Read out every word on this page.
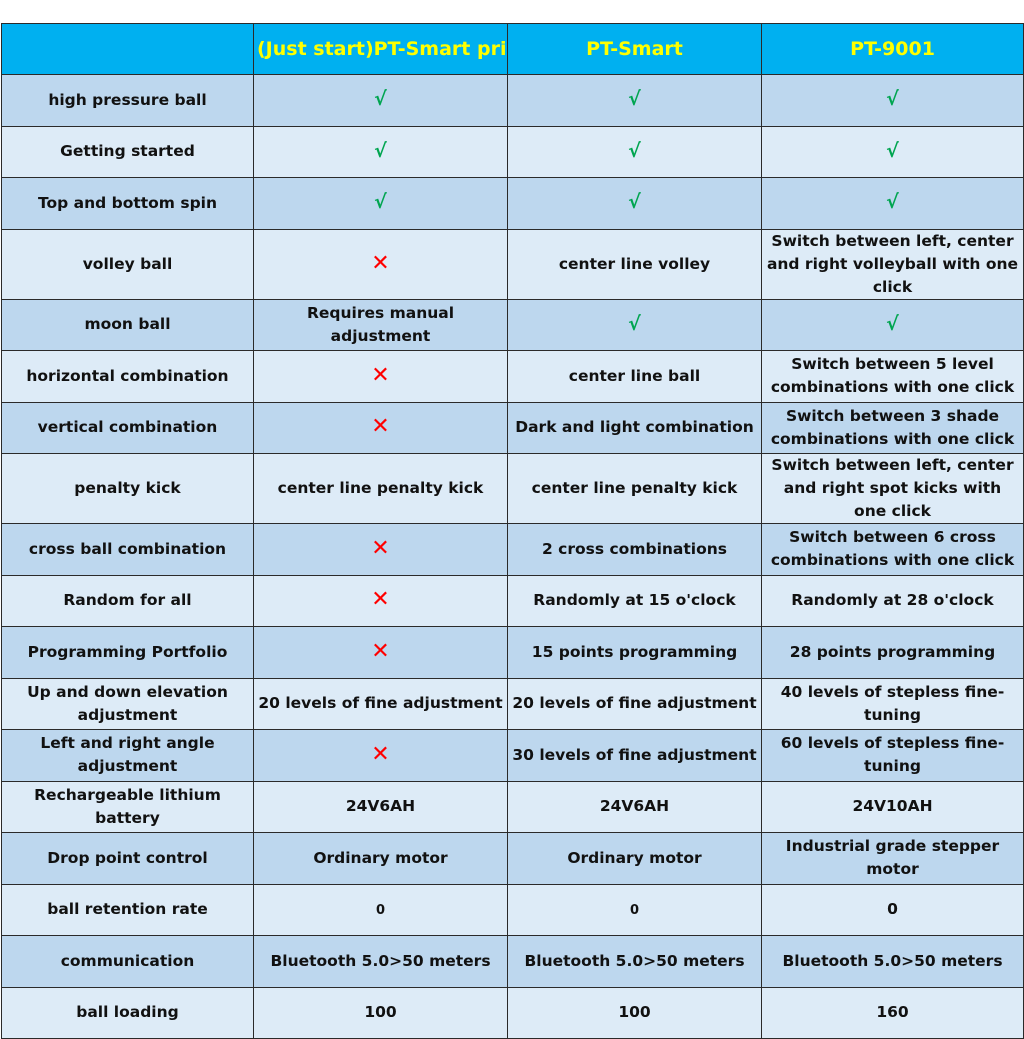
	(Just start)PT-Smart pri	PT-Smart	PT-9001
high pressure ball	√	√	√
Getting started	√	√	√
Top and bottom spin	√	√	√
volley ball	✕	center line volley	Switch between left, center and right volleyball with one click
moon ball	Requires manual adjustment	√	√
horizontal combination	✕	center line ball	Switch between 5 level combinations with one click
vertical combination	✕	Dark and light combination	Switch between 3 shade combinations with one click
penalty kick	center line penalty kick	center line penalty kick	Switch between left, center and right spot kicks with one click
cross ball combination	✕	2 cross combinations	Switch between 6 cross combinations with one click
Random for all	✕	Randomly at 15 o'clock	Randomly at 28 o'clock
Programming Portfolio	✕	15 points programming	28 points programming
Up and down elevation adjustment	20 levels of fine adjustment	20 levels of fine adjustment	40 levels of stepless fine-tuning
Left and right angle adjustment	✕	30 levels of fine adjustment	60 levels of stepless fine-tuning
Rechargeable lithium battery	24V6AH	24V6AH	24V10AH
Drop point control	Ordinary motor	Ordinary motor	Industrial grade stepper motor
ball retention rate	0	0	0
communication	Bluetooth 5.0>50 meters	Bluetooth 5.0>50 meters	Bluetooth 5.0>50 meters
ball loading	100	100	160
